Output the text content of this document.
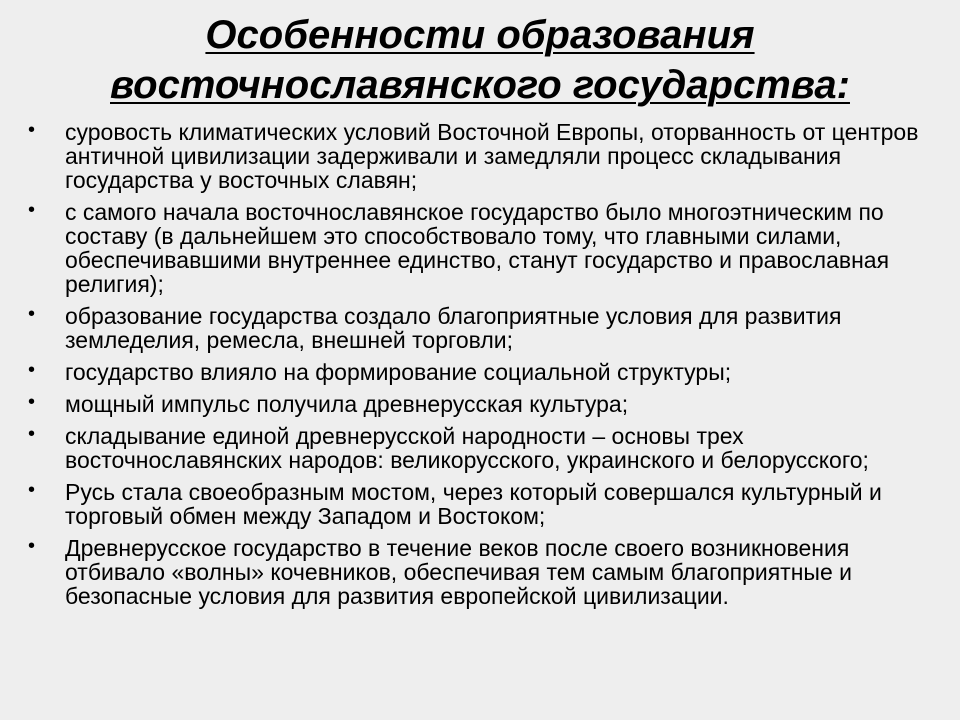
Особенности образования
восточнославянского государства:
• суровость климатических условий Восточной Европы, оторванность от центров античной цивилизации задерживали и замедляли процесс складывания государства у восточных славян;
• с самого начала восточнославянское государство было многоэтническим по составу (в дальнейшем это способствовало тому, что главными силами, обеспечивавшими внутреннее единство, станут государство и православная религия);
• образование государства создало благоприятные условия для развития земледелия, ремесла, внешней торговли;
• государство влияло на формирование социальной структуры;
• мощный импульс получила древнерусская культура;
• складывание единой древнерусской народности – основы трех восточнославянских народов: великорусского, украинского и белорусского;
• Русь стала своеобразным мостом, через который совершался культурный и торговый обмен между Западом и Востоком;
• Древнерусское государство в течение веков после своего возникновения отбивало «волны» кочевников, обеспечивая тем самым благоприятные и безопасные условия для развития европейской цивилизации.
